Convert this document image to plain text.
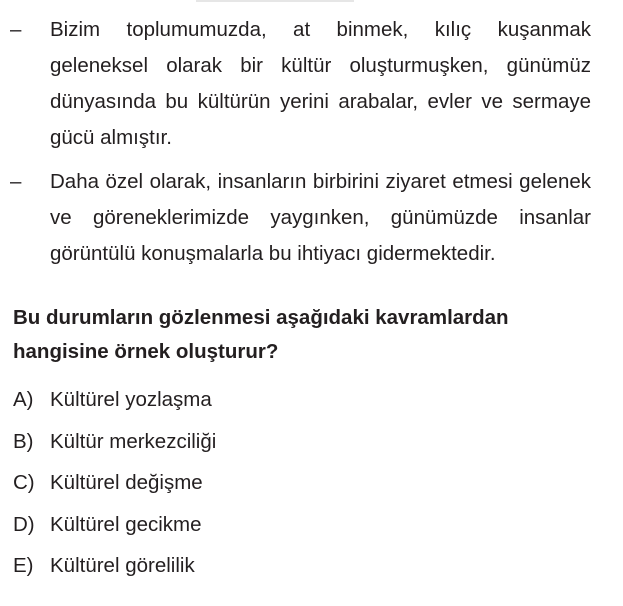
– Bizim toplumumuzda, at binmek, kılıç kuşanmak geleneksel olarak bir kültür oluşturmuşken, günümüz dünyasında bu kültürün yerini arabalar, evler ve sermaye gücü almıştır.

– Daha özel olarak, insanların birbirini ziyaret etmesi gelenek ve göreneklerimizde yaygınken, günümüzde insanlar görüntülü konuşmalarla bu ihtiyacı gidermektedir.

Bu durumların gözlenmesi aşağıdaki kavramlardan hangisine örnek oluşturur?

A) Kültürel yozlaşma
B) Kültür merkezciliği
C) Kültürel değişme
D) Kültürel gecikme
E) Kültürel görelilik
